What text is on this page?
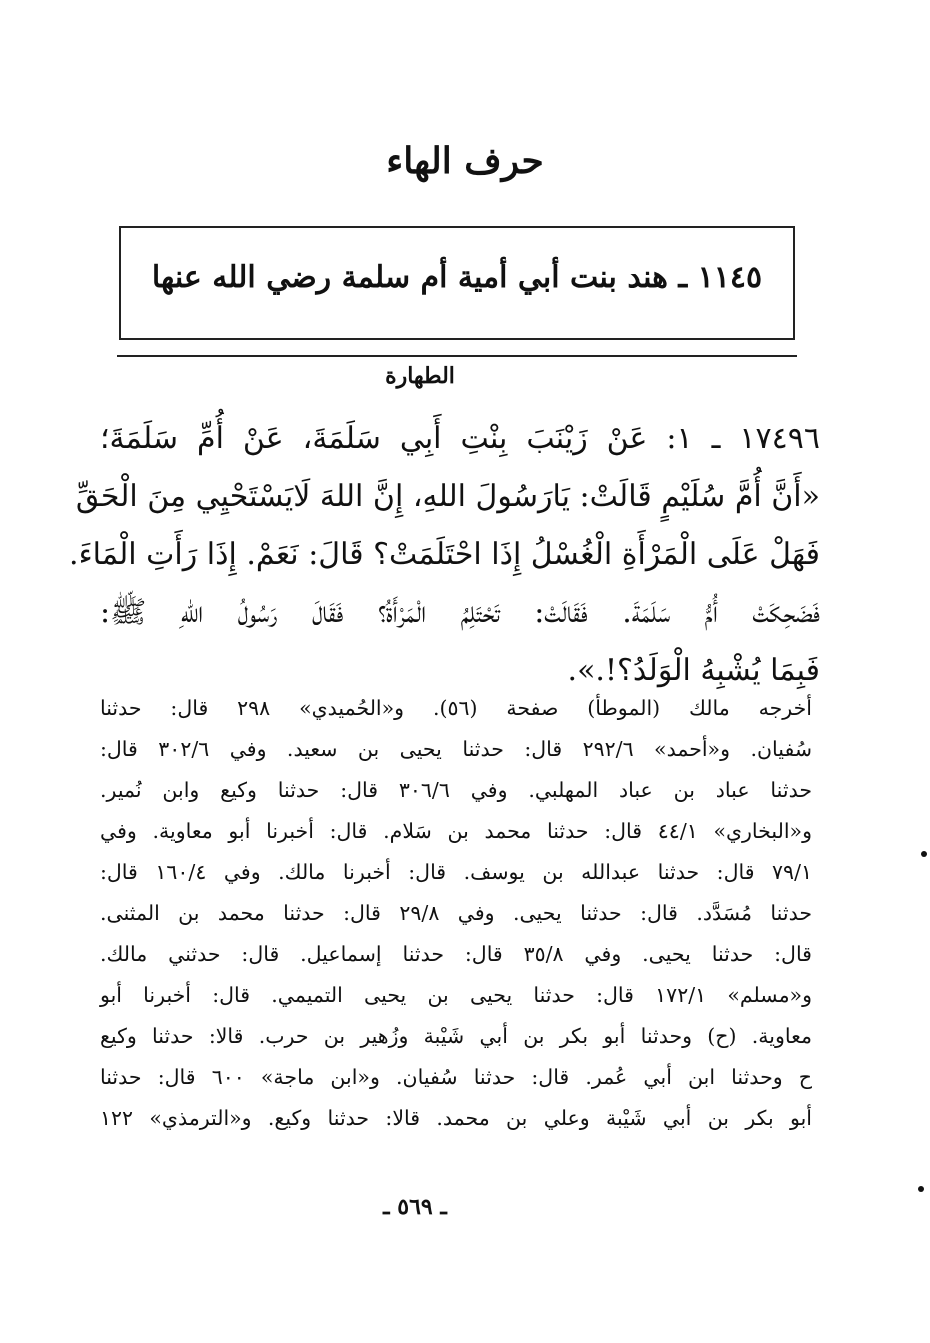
حرف الهاء
١١٤٥ ـ هند بنت أبي أمية أم سلمة رضي الله عنها
الطهارة
١٧٤٩٦ ـ ١: عَنْ زَيْنَبَ بِنْتِ أَبِي سَلَمَةَ، عَنْ أُمِّ سَلَمَةَ؛
«أَنَّ أُمَّ سُلَيْمٍ قَالَتْ: يَارَسُولَ اللهِ، إِنَّ اللهَ لَايَسْتَحْيِي مِنَ الْحَقِّ
فَهَلْ عَلَى الْمَرْأَةِ الْغُسْلُ إِذَا احْتَلَمَتْ؟ قَالَ: نَعَمْ. إِذَا رَأَتِ الْمَاءَ.
فَضَحِكَتْ أُمُّ سَلَمَةَ. فَقَالَتْ: تَحْتَلِمُ الْمَرْأَةُ؟ فَقَالَ رَسُولُ اللهِ ﷺ:
فَبِمَا يُشْبِهُ الْوَلَدُ؟!.».
أخرجه مالك (الموطأ) صفحة (٥٦). و«الحُميدي» ٢٩٨ قال: حدثنا
سُفيان. و«أحمد» ٢٩٢/٦ قال: حدثنا يحيى بن سعيد. وفي ٣٠٢/٦ قال:
حدثنا عباد بن عباد المهلبي. وفي ٣٠٦/٦ قال: حدثنا وكيع وابن نُمير.
و«البخاري» ٤٤/١ قال: حدثنا محمد بن سَلام. قال: أخبرنا أبو معاوية. وفي
٧٩/١ قال: حدثنا عبدالله بن يوسف. قال: أخبرنا مالك. وفي ١٦٠/٤ قال:
حدثنا مُسَدَّد. قال: حدثنا يحيى. وفي ٢٩/٨ قال: حدثنا محمد بن المثنى.
قال: حدثنا يحيى. وفي ٣٥/٨ قال: حدثنا إسماعيل. قال: حدثني مالك.
و«مسلم» ١٧٢/١ قال: حدثنا يحيى بن يحيى التميمي. قال: أخبرنا أبو
معاوية. (ح) وحدثنا أبو بكر بن أبي شَيْبة وزُهير بن حرب. قالا: حدثنا وكيع
ح وحدثنا ابن أبي عُمر. قال: حدثنا سُفيان. و«ابن ماجة» ٦٠٠ قال: حدثنا
أبو بكر بن أبي شَيْبة وعلي بن محمد. قالا: حدثنا وكيع. و«الترمذي» ١٢٢
ـ ٥٦٩ ـ
